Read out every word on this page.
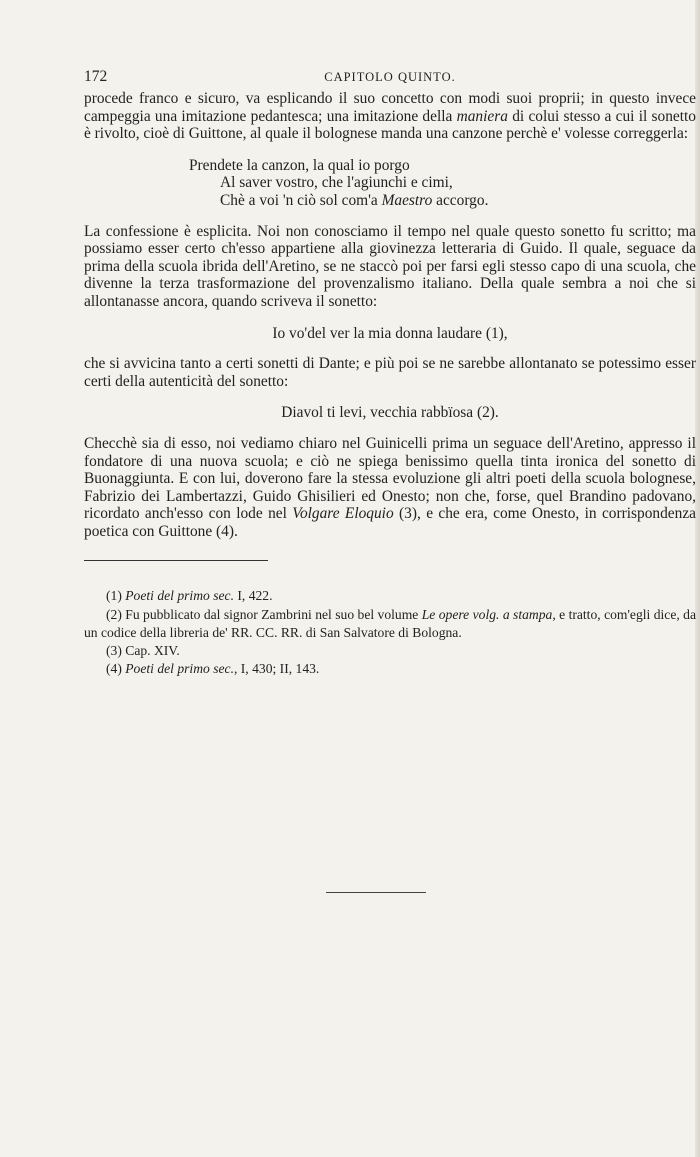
172	CAPITOLO QUINTO.

procede franco e sicuro, va esplicando il suo concetto con modi suoi proprii; in questo invece campeggia una imitazione pedantesca; una imitazione della maniera di colui stesso a cui il sonetto è rivolto, cioè di Guittone, al quale il bolognese manda una canzone perchè e' volesse correggerla:

Prendete la canzon, la qual io porgo
Al saver vostro, che l'agiunchi e cimi,
Chè a voi 'n ciò sol com'a Maestro accorgo.

La confessione è esplicita. Noi non conosciamo il tempo nel quale questo sonetto fu scritto; ma possiamo esser certo ch'esso appartiene alla giovinezza letteraria di Guido. Il quale, seguace da prima della scuola ibrida dell'Aretino, se ne staccò poi per farsi egli stesso capo di una scuola, che divenne la terza trasformazione del provenzalismo italiano. Della quale sembra a noi che si allontanasse ancora, quando scriveva il sonetto:

Io vo'del ver la mia donna laudare (1),

che si avvicina tanto a certi sonetti di Dante; e più poi se ne sarebbe allontanato se potessimo esser certi della autenticità del sonetto:

Diavol ti levi, vecchia rabbïosa (2).

Checchè sia di esso, noi vediamo chiaro nel Guinicelli prima un seguace dell'Aretino, appresso il fondatore di una nuova scuola; e ciò ne spiega benissimo quella tinta ironica del sonetto di Buonaggiunta. E con lui, doverono fare la stessa evoluzione gli altri poeti della scuola bolognese, Fabrizio dei Lambertazzi, Guido Ghisilieri ed Onesto; non che, forse, quel Brandino padovano, ricordato anch'esso con lode nel Volgare Eloquio (3), e che era, come Onesto, in corrispondenza poetica con Guittone (4).

(1) Poeti del primo sec. I, 422.

(2) Fu pubblicato dal signor Zambrini nel suo bel volume Le opere volg. a stampa, e tratto, com'egli dice, da un codice della libreria de' RR. CC. RR. di San Salvatore di Bologna.

(3) Cap. XIV.

(4) Poeti del primo sec., I, 430; II, 143.
